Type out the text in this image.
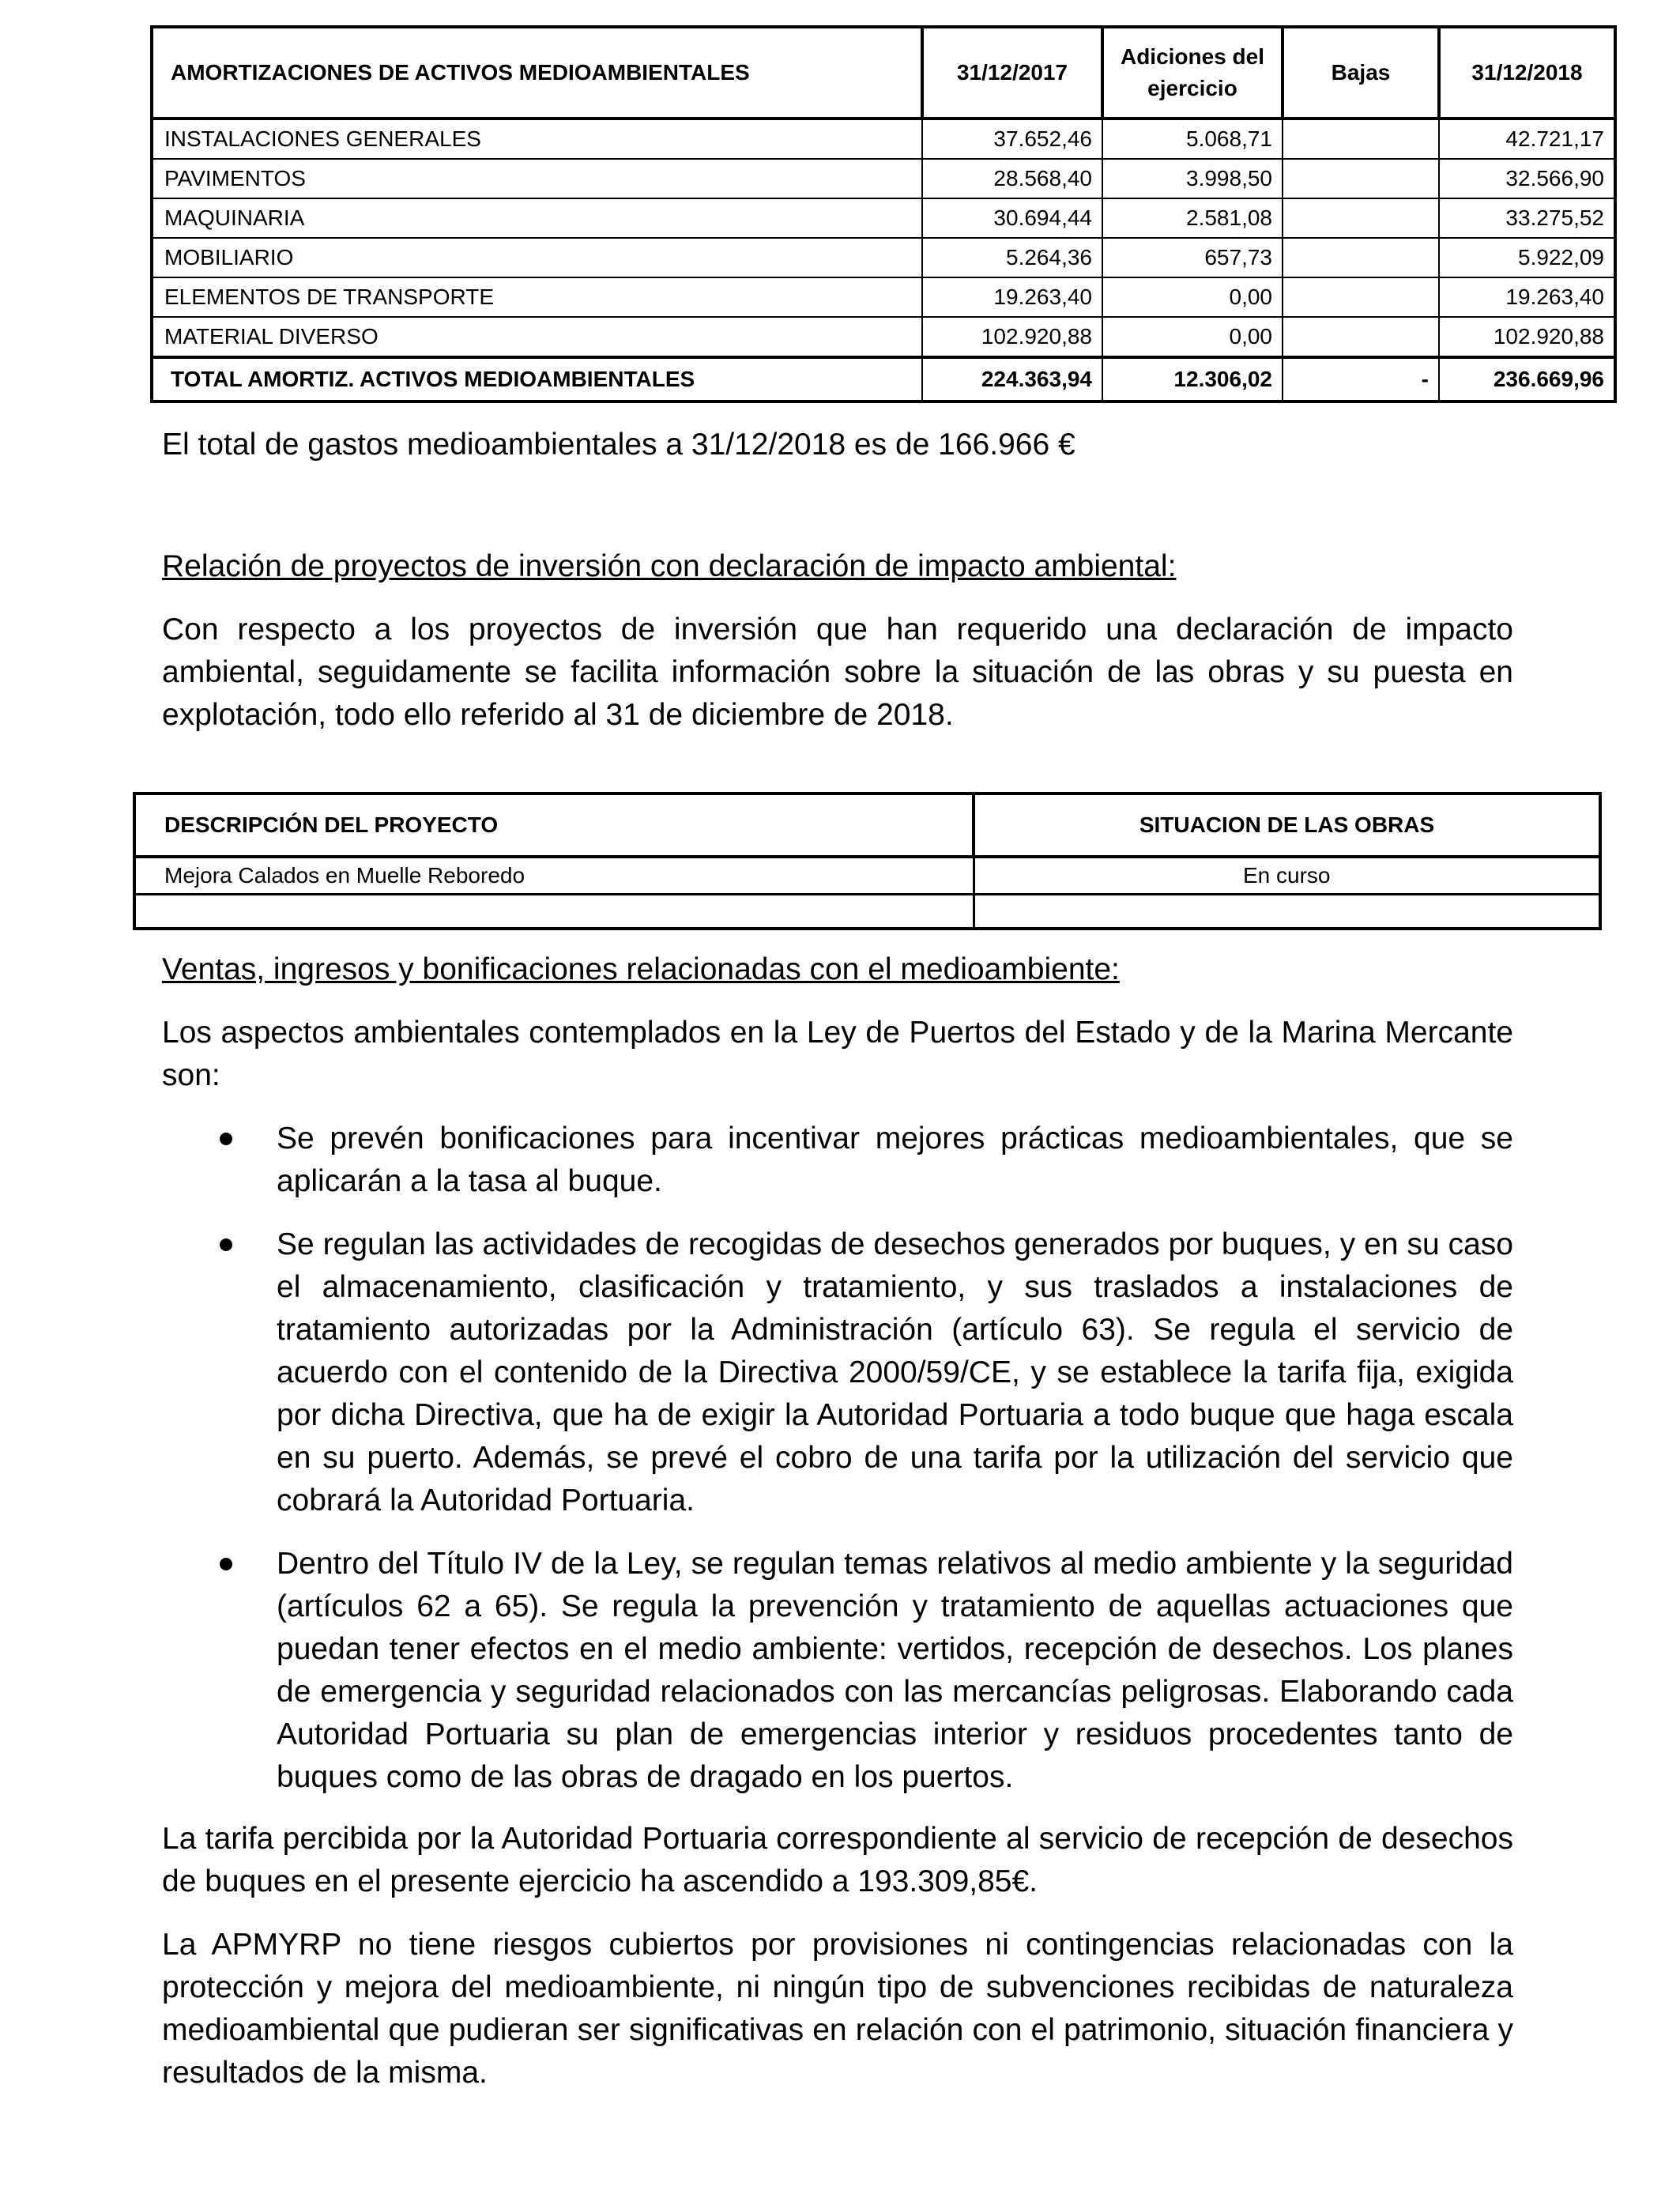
AMORTIZACIONES DE ACTIVOS MEDIOAMBIENTALES	31/12/2017	Adiciones del ejercicio	Bajas	31/12/2018
INSTALACIONES GENERALES	37.652,46	5.068,71		42.721,17
PAVIMENTOS	28.568,40	3.998,50		32.566,90
MAQUINARIA	30.694,44	2.581,08		33.275,52
MOBILIARIO	5.264,36	657,73		5.922,09
ELEMENTOS DE TRANSPORTE	19.263,40	0,00		19.263,40
MATERIAL DIVERSO	102.920,88	0,00		102.920,88
TOTAL AMORTIZ. ACTIVOS MEDIOAMBIENTALES	224.363,94	12.306,02	-	236.669,96
El total de gastos medioambientales a 31/12/2018 es de 166.966 €
Relación de proyectos de inversión con declaración de impacto ambiental:
Con respecto a los proyectos de inversión que han requerido una declaración de impacto ambiental, seguidamente se facilita información sobre la situación de las obras y su puesta en explotación, todo ello referido al 31 de diciembre de 2018.
DESCRIPCIÓN DEL PROYECTO	SITUACION DE LAS OBRAS
Mejora Calados en Muelle Reboredo	En curso

Ventas, ingresos y bonificaciones relacionadas con el medioambiente:
Los aspectos ambientales contemplados en la Ley de Puertos del Estado y de la Marina Mercante son:
Se prevén bonificaciones para incentivar mejores prácticas medioambientales, que se aplicarán a la tasa al buque.
Se regulan las actividades de recogidas de desechos generados por buques, y en su caso el almacenamiento, clasificación y tratamiento, y sus traslados a instalaciones de tratamiento autorizadas por la Administración (artículo 63). Se regula el servicio de acuerdo con el contenido de la Directiva 2000/59/CE, y se establece la tarifa fija, exigida por dicha Directiva, que ha de exigir la Autoridad Portuaria a todo buque que haga escala en su puerto. Además, se prevé el cobro de una tarifa por la utilización del servicio que cobrará la Autoridad Portuaria.
Dentro del Título IV de la Ley, se regulan temas relativos al medio ambiente y la seguridad (artículos 62 a 65). Se regula la prevención y tratamiento de aquellas actuaciones que puedan tener efectos en el medio ambiente: vertidos, recepción de desechos. Los planes de emergencia y seguridad relacionados con las mercancías peligrosas. Elaborando cada Autoridad Portuaria su plan de emergencias interior y residuos procedentes tanto de buques como de las obras de dragado en los puertos.
La tarifa percibida por la Autoridad Portuaria correspondiente al servicio de recepción de desechos de buques en el presente ejercicio ha ascendido a 193.309,85€.
La APMYRP no tiene riesgos cubiertos por provisiones ni contingencias relacionadas con la protección y mejora del medioambiente, ni ningún tipo de subvenciones recibidas de naturaleza medioambiental que pudieran ser significativas en relación con el patrimonio, situación financiera y resultados de la misma.
